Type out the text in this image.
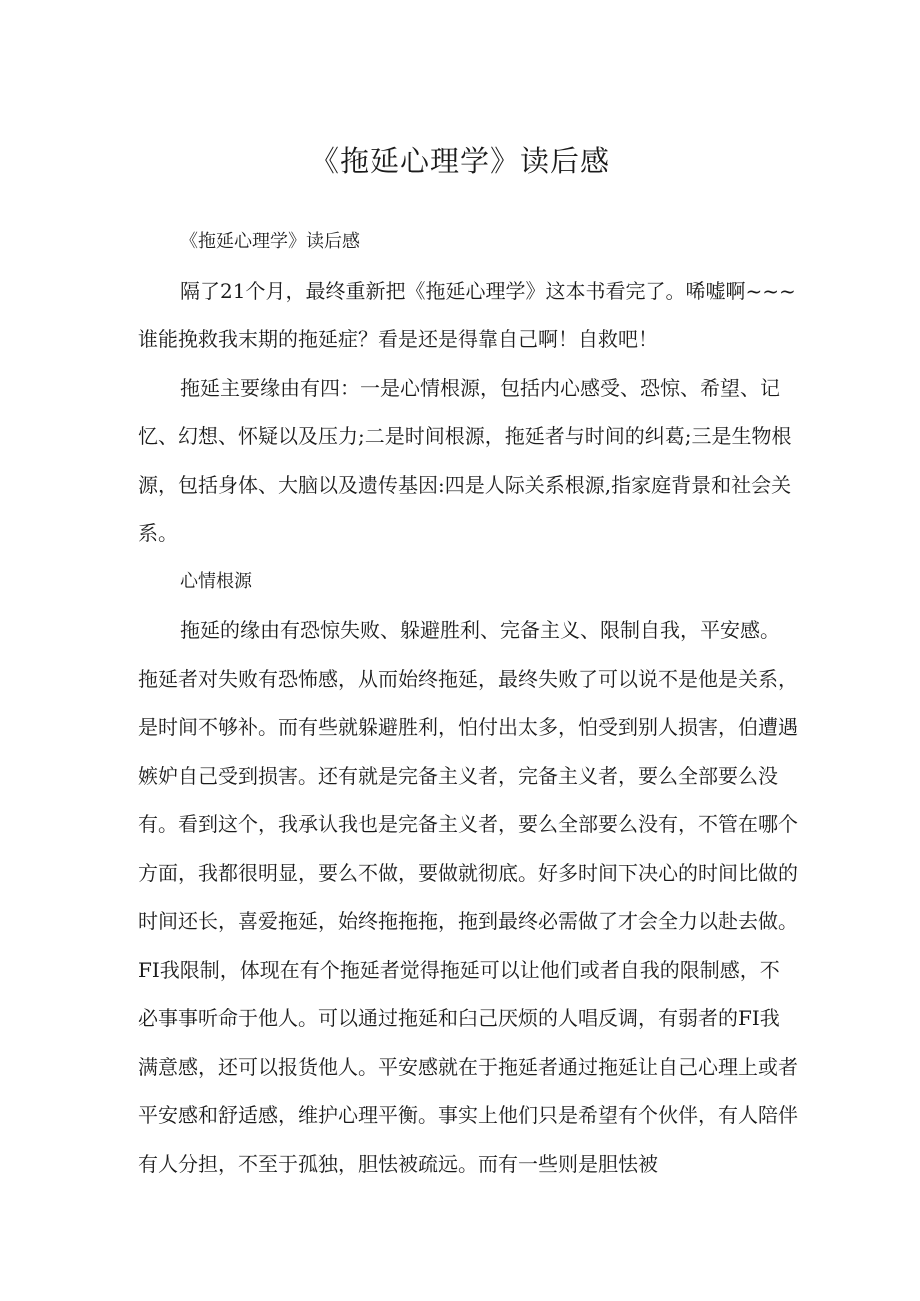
《拖延心理学》读后感

《拖延心理学》读后感

隔了21个月，最终重新把《拖延心理学》这本书看完了。唏嘘啊~~~谁能挽救我末期的拖延症？看是还是得靠自己啊！自救吧！

拖延主要缘由有四：一是心情根源，包括内心感受、恐惊、希望、记忆、幻想、怀疑以及压力;二是时间根源，拖延者与时间的纠葛;三是生物根源，包括身体、大脑以及遗传基因:四是人际关系根源,指家庭背景和社会关系。

心情根源

拖延的缘由有恐惊失败、躲避胜利、完备主义、限制自我，平安感。拖延者对失败有恐怖感，从而始终拖延，最终失败了可以说不是他是关系，是时间不够补。而有些就躲避胜利，怕付出太多，怕受到别人损害，伯遭遇嫉妒自己受到损害。还有就是完备主义者，完备主义者，要么全部要么没有。看到这个，我承认我也是完备主义者，要么全部要么没有，不管在哪个方面，我都很明显，要么不做，要做就彻底。好多时间下决心的时间比做的时间还长，喜爱拖延，始终拖拖拖，拖到最终必需做了才会全力以赴去做。FI我限制，体现在有个拖延者觉得拖延可以让他们或者自我的限制感，不必事事听命于他人。可以通过拖延和臼己厌烦的人唱反调，有弱者的FI我满意感，还可以报货他人。平安感就在于拖延者通过拖延让自己心理上或者平安感和舒适感，维护心理平衡。事实上他们只是希望有个伙伴，有人陪伴有人分担，不至于孤独，胆怯被疏远。而有一些则是胆怯被
